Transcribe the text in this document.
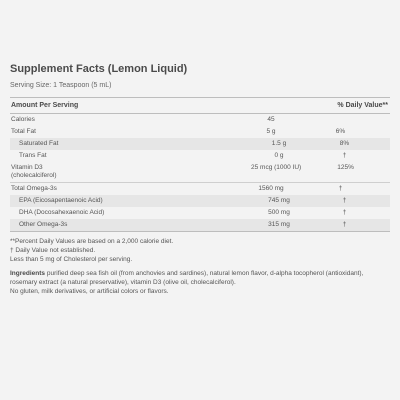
Supplement Facts (Lemon Liquid)
Serving Size: 1 Teaspoon (5 mL)
Amount Per Serving	% Daily Value**
Calories	45
Total Fat	5 g	6%
Saturated Fat	1.5 g	8%
Trans Fat	0 g	†
Vitamin D3
(cholecalciferol)
25 mcg (1000 IU)	125%
Total Omega-3s	1560 mg	†
EPA (Eicosapentaenoic Acid)	745 mg	†
DHA (Docosahexaenoic Acid)	500 mg	†
Other Omega-3s	315 mg	†
**Percent Daily Values are based on a 2,000 calorie diet.
† Daily Value not established.
Less than 5 mg of Cholesterol per serving.
Ingredients purified deep sea fish oil (from anchovies and sardines), natural lemon flavor, d-alpha tocopherol (antioxidant), rosemary extract (a natural preservative), vitamin D3 (olive oil, cholecalciferol).
No gluten, milk derivatives, or artificial colors or flavors.
